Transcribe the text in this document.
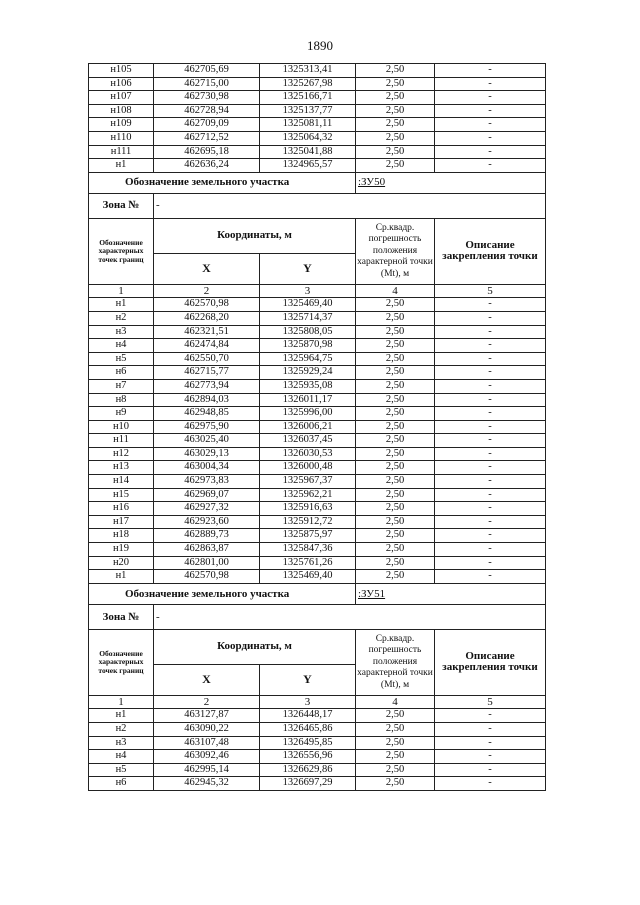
1890
н105	462705,69	1325313,41	2,50	-
н106	462715,00	1325267,98	2,50	-
н107	462730,98	1325166,71	2,50	-
н108	462728,94	1325137,77	2,50	-
н109	462709,09	1325081,11	2,50	-
н110	462712,52	1325064,32	2,50	-
н111	462695,18	1325041,88	2,50	-
н1	462636,24	1324965,57	2,50	-
Обозначение земельного участка			:ЗУ50	
Зона №	-			
Обозначение характерных точек границ	Координаты, м		Ср.квадр. погрешность положения характерной точки (Мt), м	Описание закрепления точки
	X	Y		
1	2	3	4	5
н1	462570,98	1325469,40	2,50	-
н2	462268,20	1325714,37	2,50	-
н3	462321,51	1325808,05	2,50	-
н4	462474,84	1325870,98	2,50	-
н5	462550,70	1325964,75	2,50	-
н6	462715,77	1325929,24	2,50	-
н7	462773,94	1325935,08	2,50	-
н8	462894,03	1326011,17	2,50	-
н9	462948,85	1325996,00	2,50	-
н10	462975,90	1326006,21	2,50	-
н11	463025,40	1326037,45	2,50	-
н12	463029,13	1326030,53	2,50	-
н13	463004,34	1326000,48	2,50	-
н14	462973,83	1325967,37	2,50	-
н15	462969,07	1325962,21	2,50	-
н16	462927,32	1325916,63	2,50	-
н17	462923,60	1325912,72	2,50	-
н18	462889,73	1325875,97	2,50	-
н19	462863,87	1325847,36	2,50	-
н20	462801,00	1325761,26	2,50	-
н1	462570,98	1325469,40	2,50	-
Обозначение земельного участка			:ЗУ51	
Зона №	-			
Обозначение характерных точек границ	Координаты, м		Ср.квадр. погрешность положения характерной точки (Мt), м	Описание закрепления точки
	X	Y		
1	2	3	4	5
н1	463127,87	1326448,17	2,50	-
н2	463090,22	1326465,86	2,50	-
н3	463107,48	1326495,85	2,50	-
н4	463092,46	1326556,96	2,50	-
н5	462995,14	1326629,86	2,50	-
н6	462945,32	1326697,29	2,50	-
